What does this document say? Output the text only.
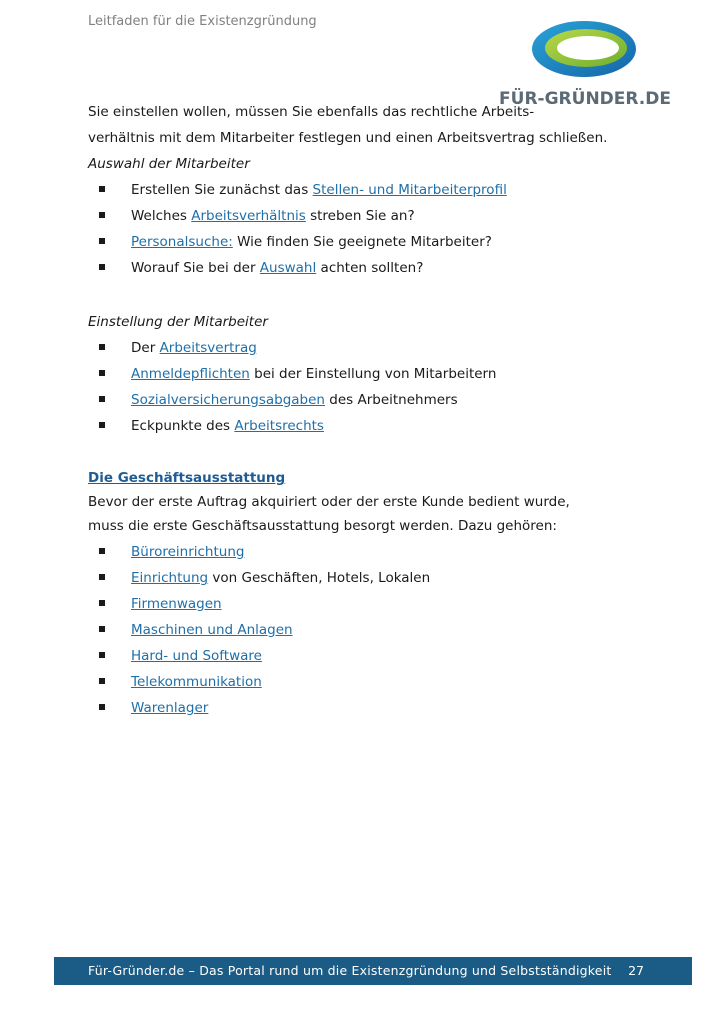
Leitfaden für die Existenzgründung
FÜR-GRÜNDER.DE
Sie einstellen wollen, müssen Sie ebenfalls das rechtliche Arbeits-
verhältnis mit dem Mitarbeiter festlegen und einen Arbeitsvertrag schließen.
Auswahl der Mitarbeiter
Erstellen Sie zunächst das Stellen- und Mitarbeiterprofil
Welches Arbeitsverhältnis streben Sie an?
Personalsuche: Wie finden Sie geeignete Mitarbeiter?
Worauf Sie bei der Auswahl achten sollten?
Einstellung der Mitarbeiter
Der Arbeitsvertrag
Anmeldepflichten bei der Einstellung von Mitarbeitern
Sozialversicherungsabgaben des Arbeitnehmers
Eckpunkte des Arbeitsrechts
Die Geschäftsausstattung
Bevor der erste Auftrag akquiriert oder der erste Kunde bedient wurde,
muss die erste Geschäftsausstattung besorgt werden. Dazu gehören:
Büroreinrichtung
Einrichtung von Geschäften, Hotels, Lokalen
Firmenwagen
Maschinen und Anlagen
Hard- und Software
Telekommunikation
Warenlager
Für-Gründer.de – Das Portal rund um die Existenzgründung und Selbstständigkeit 27
